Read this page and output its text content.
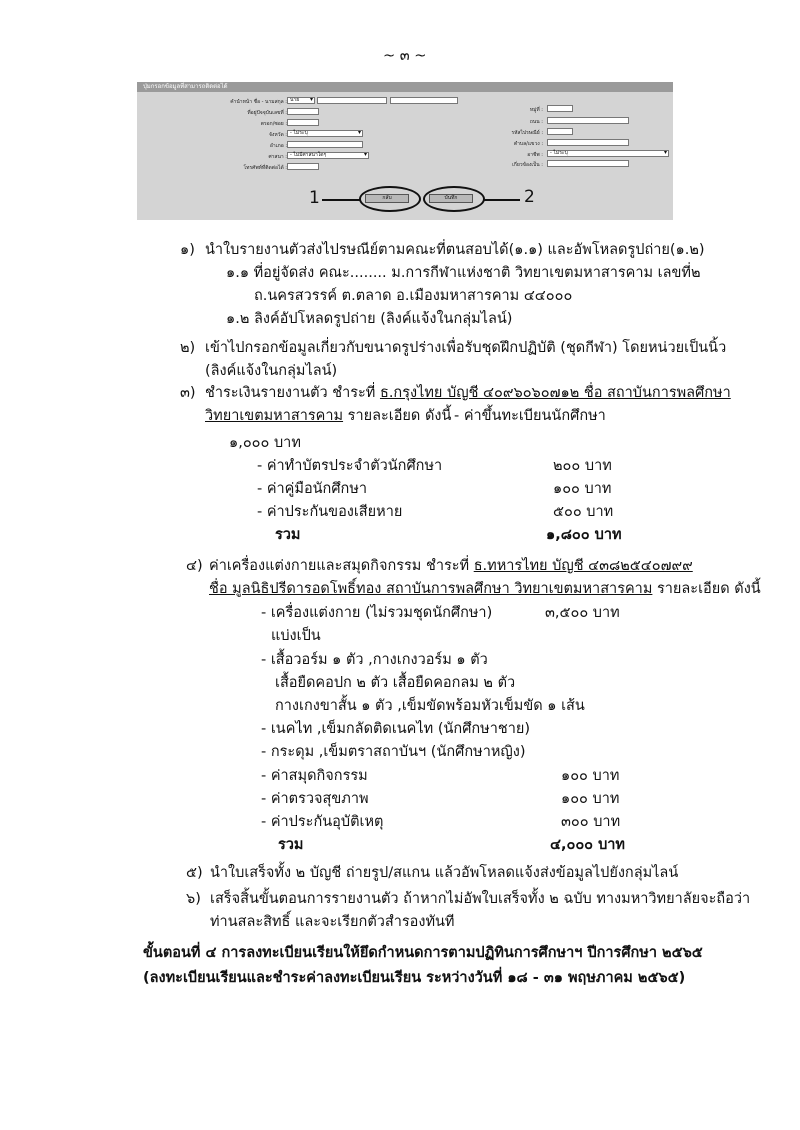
~ ๓ ~
ปุ่มกรอกข้อมูลที่สามารถติดต่อได้
คำนำหน้า ชื่อ - นามสกุล : นาย ▾
ที่อยู่ปัจจุบันเลขที่ :	หมู่ที่ :
ตรอก/ซอย :	ถนน :
จังหวัด : - ไม่ระบุ ▾	รหัสไปรษณีย์ :
อำเภอ :	ตำบล/แขวง :
ศาสนา : - ไม่มีศาสนาใดๆ ▾	อาชีพ :	- ไม่ระบุ ▾
โทรศัพท์ที่ติดต่อได้ :	เกี่ยวข้องเป็น :
กลับ	บันทึก
1	2
๑) นำใบรายงานตัวส่งไปรษณีย์ตามคณะที่ตนสอบได้(๑.๑) และอัพโหลดรูปถ่าย(๑.๒)
๑.๑ ที่อยู่จัดส่ง คณะ........ ม.การกีฬาแห่งชาติ วิทยาเขตมหาสารคาม เลขที่๒
ถ.นครสวรรค์ ต.ตลาด อ.เมืองมหาสารคาม ๔๔๐๐๐
๑.๒ ลิงค์อัปโหลดรูปถ่าย (ลิงค์แจ้งในกลุ่มไลน์)
๒) เข้าไปกรอกข้อมูลเกี่ยวกับขนาดรูปร่างเพื่อรับชุดฝึกปฏิบัติ (ชุดกีฬา) โดยหน่วยเป็นนิ้ว
(ลิงค์แจ้งในกลุ่มไลน์)
๓) ชำระเงินรายงานตัว ชำระที่ ธ.กรุงไทย บัญชี ๔๐๙๖๐๖๐๗๑๒ ชื่อ สถาบันการพลศึกษา
วิทยาเขตมหาสารคาม รายละเอียด ดังนี้ - ค่าขึ้นทะเบียนนักศึกษา
๑,๐๐๐ บาท
- ค่าทำบัตรประจำตัวนักศึกษา	๒๐๐ บาท
- ค่าคู่มือนักศึกษา	๑๐๐ บาท
- ค่าประกันของเสียหาย	๕๐๐ บาท
รวม	๑,๘๐๐ บาท
๔) ค่าเครื่องแต่งกายและสมุดกิจกรรม ชำระที่ ธ.ทหารไทย บัญชี ๔๓๘๒๕๔๐๗๙๙
ชื่อ มูลนิธิปรีดารอดโพธิ์ทอง สถาบันการพลศึกษา วิทยาเขตมหาสารคาม รายละเอียด ดังนี้
- เครื่องแต่งกาย (ไม่รวมชุดนักศึกษา)	๓,๕๐๐ บาท
แบ่งเป็น
- เสื้อวอร์ม ๑ ตัว ,กางเกงวอร์ม ๑ ตัว
เสื้อยืดคอปก ๒ ตัว เสื้อยืดคอกลม ๒ ตัว
กางเกงขาสั้น ๑ ตัว ,เข็มขัดพร้อมหัวเข็มขัด ๑ เส้น
- เนคไท ,เข็มกลัดติดเนคไท (นักศึกษาชาย)
- กระดุม ,เข็มตราสถาบันฯ (นักศึกษาหญิง)
- ค่าสมุดกิจกรรม	๑๐๐ บาท
- ค่าตรวจสุขภาพ	๑๐๐ บาท
- ค่าประกันอุบัติเหตุ	๓๐๐ บาท
รวม	๔,๐๐๐ บาท
๕) นำใบเสร็จทั้ง ๒ บัญชี ถ่ายรูป/สแกน แล้วอัพโหลดแจ้งส่งข้อมูลไปยังกลุ่มไลน์
๖) เสร็จสิ้นขั้นตอนการรายงานตัว ถ้าหากไม่อัพใบเสร็จทั้ง ๒ ฉบับ ทางมหาวิทยาลัยจะถือว่า
ท่านสละสิทธิ์ และจะเรียกตัวสำรองทันที
ขั้นตอนที่ ๔ การลงทะเบียนเรียนให้ยึดกำหนดการตามปฏิทินการศึกษาฯ ปีการศึกษา ๒๕๖๕
(ลงทะเบียนเรียนและชำระค่าลงทะเบียนเรียน ระหว่างวันที่ ๑๘ - ๓๑ พฤษภาคม ๒๕๖๕)
